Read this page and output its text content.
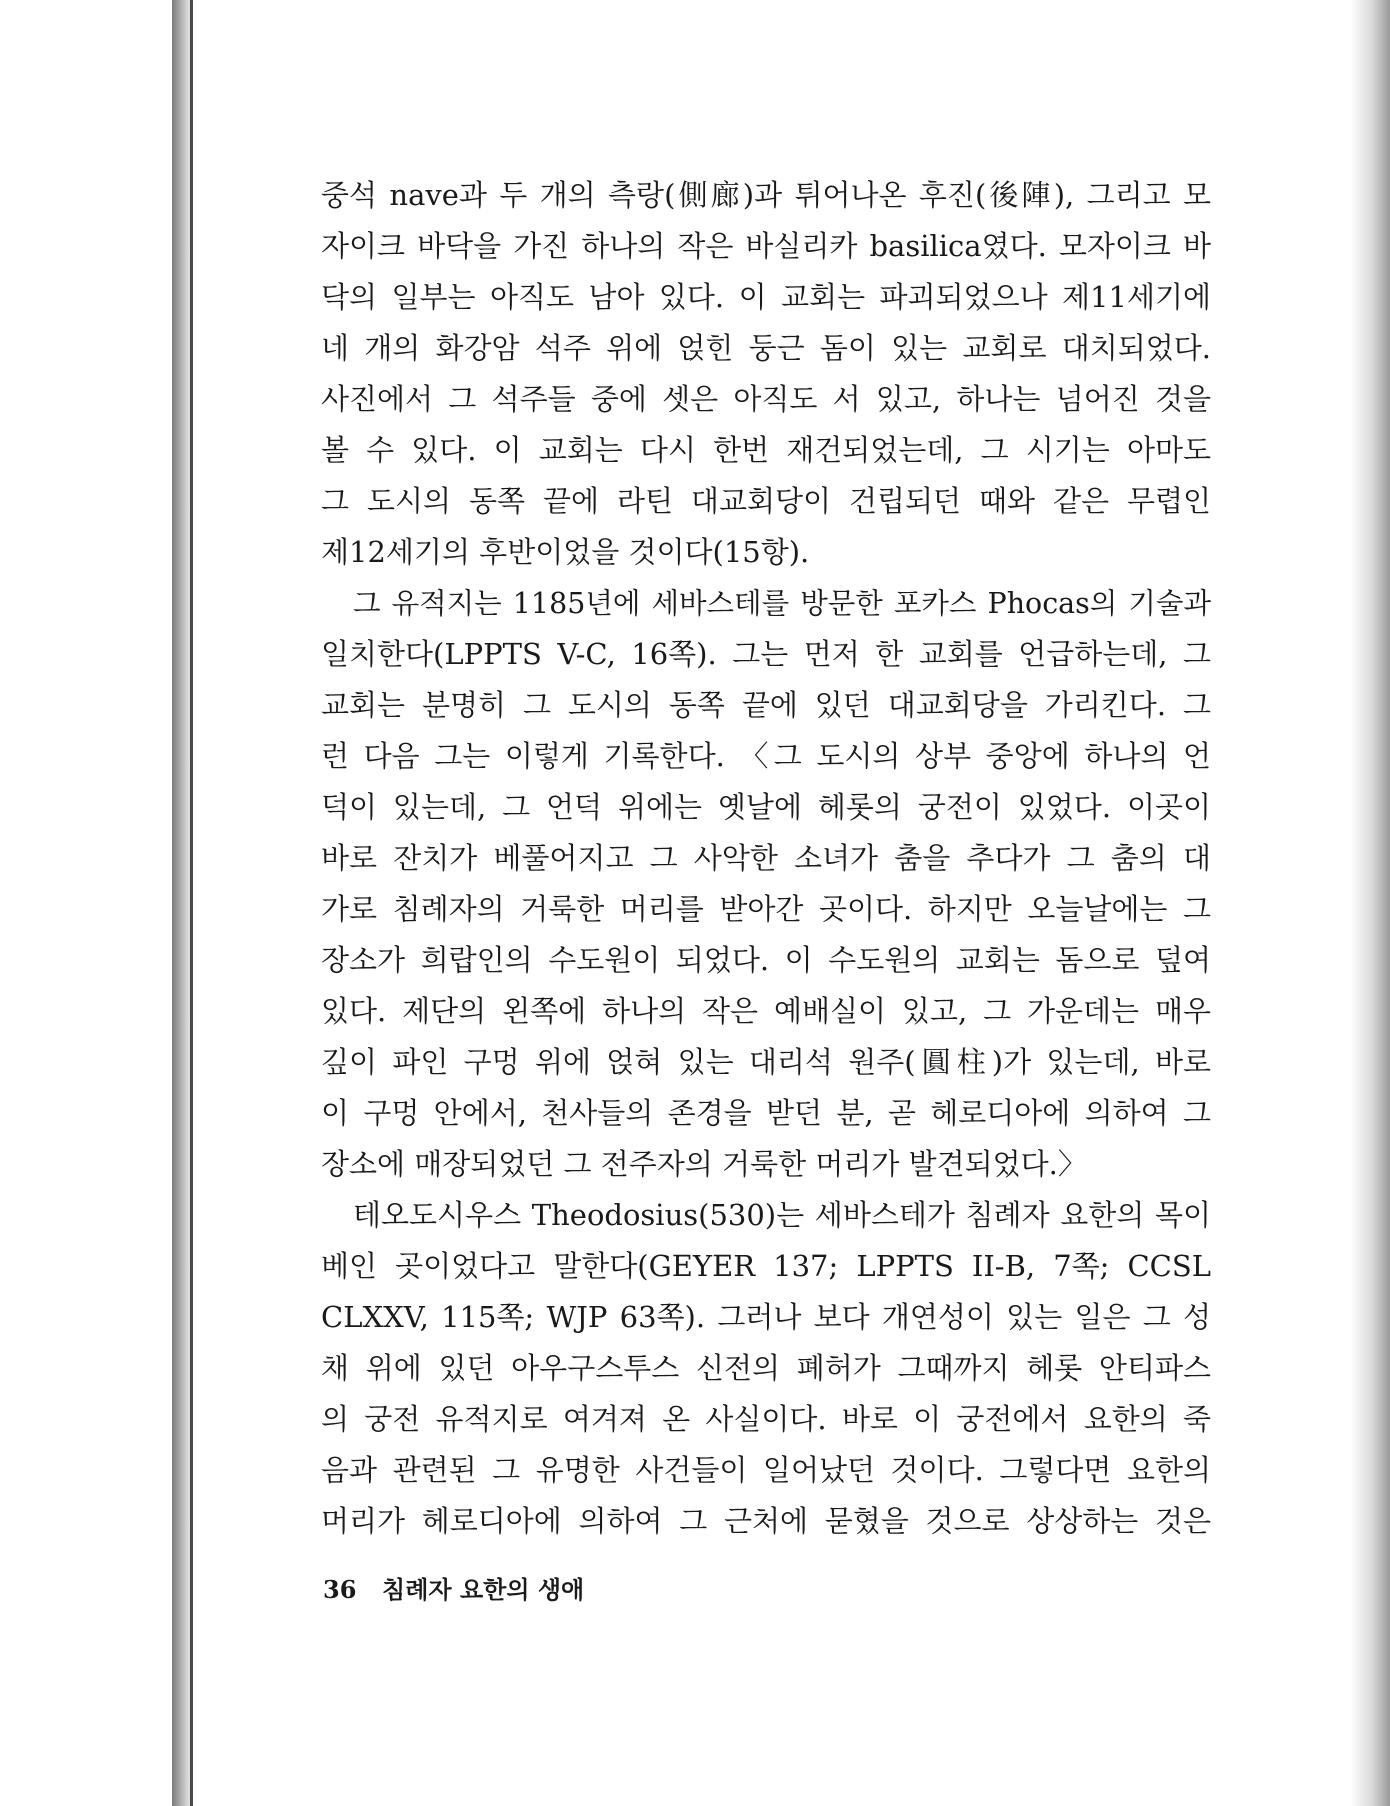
중석 nave과 두 개의 측랑(側廊)과 튀어나온 후진(後陣), 그리고 모
자이크 바닥을 가진 하나의 작은 바실리카 basilica였다. 모자이크 바
닥의 일부는 아직도 남아 있다. 이 교회는 파괴되었으나 제11세기에
네 개의 화강암 석주 위에 얹힌 둥근 돔이 있는 교회로 대치되었다.
사진에서 그 석주들 중에 셋은 아직도 서 있고, 하나는 넘어진 것을
볼 수 있다. 이 교회는 다시 한번 재건되었는데, 그 시기는 아마도
그 도시의 동쪽 끝에 라틴 대교회당이 건립되던 때와 같은 무렵인
제12세기의 후반이었을 것이다(15항).
그 유적지는 1185년에 세바스테를 방문한 포카스 Phocas의 기술과
일치한다(LPPTS V-C, 16쪽). 그는 먼저 한 교회를 언급하는데, 그
교회는 분명히 그 도시의 동쪽 끝에 있던 대교회당을 가리킨다. 그
런 다음 그는 이렇게 기록한다. 〈그 도시의 상부 중앙에 하나의 언
덕이 있는데, 그 언덕 위에는 옛날에 헤롯의 궁전이 있었다. 이곳이
바로 잔치가 베풀어지고 그 사악한 소녀가 춤을 추다가 그 춤의 대
가로 침례자의 거룩한 머리를 받아간 곳이다. 하지만 오늘날에는 그
장소가 희랍인의 수도원이 되었다. 이 수도원의 교회는 돔으로 덮여
있다. 제단의 왼쪽에 하나의 작은 예배실이 있고, 그 가운데는 매우
깊이 파인 구멍 위에 얹혀 있는 대리석 원주(圓柱)가 있는데, 바로
이 구멍 안에서, 천사들의 존경을 받던 분, 곧 헤로디아에 의하여 그
장소에 매장되었던 그 전주자의 거룩한 머리가 발견되었다.〉
테오도시우스 Theodosius(530)는 세바스테가 침례자 요한의 목이
베인 곳이었다고 말한다(GEYER 137; LPPTS II-B, 7쪽; CCSL
CLXXV, 115쪽; WJP 63쪽). 그러나 보다 개연성이 있는 일은 그 성
채 위에 있던 아우구스투스 신전의 폐허가 그때까지 헤롯 안티파스
의 궁전 유적지로 여겨져 온 사실이다. 바로 이 궁전에서 요한의 죽
음과 관련된 그 유명한 사건들이 일어났던 것이다. 그렇다면 요한의
머리가 헤로디아에 의하여 그 근처에 묻혔을 것으로 상상하는 것은
36 침례자 요한의 생애
